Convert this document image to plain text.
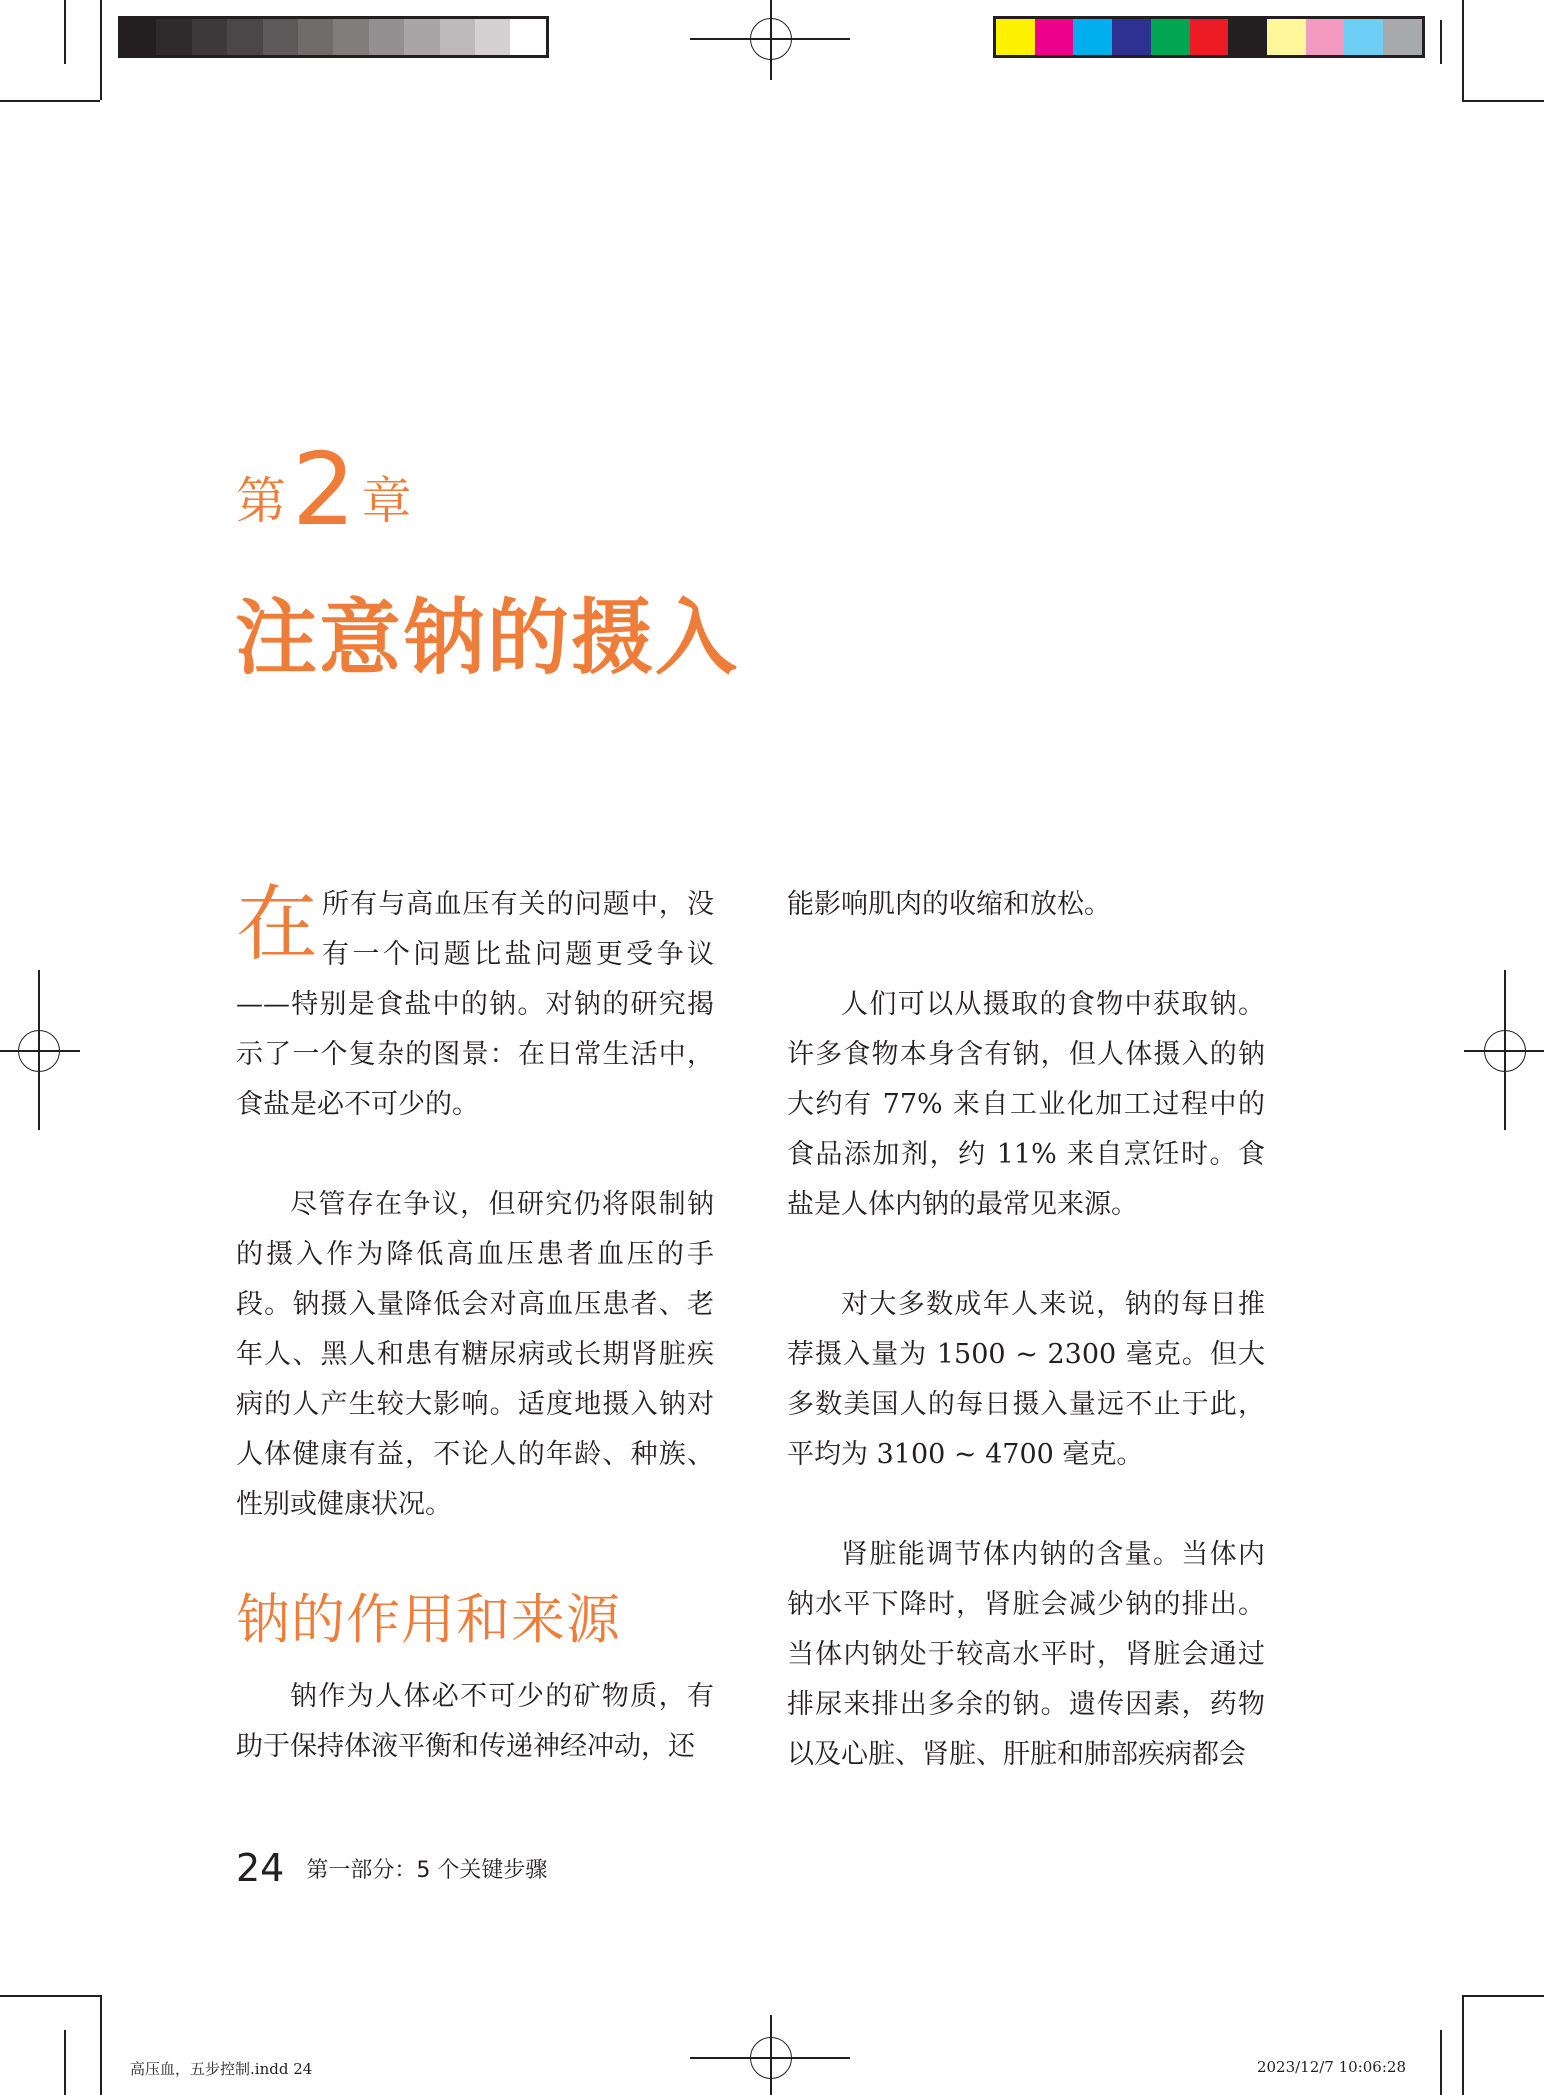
第2 章
注意钠的摄入

在所有与高血压有关的问题中，没有一个问题比盐问题更受争议——特别是食盐中的钠。对钠的研究揭示了一个复杂的图景：在日常生活中，食盐是必不可少的。

尽管存在争议，但研究仍将限制钠的摄入作为降低高血压患者血压的手段。钠摄入量降低会对高血压患者、老年人、黑人和患有糖尿病或长期肾脏疾病的人产生较大影响。适度地摄入钠对人体健康有益，不论人的年龄、种族、性别或健康状况。

钠的作用和来源

钠作为人体必不可少的矿物质，有助于保持体液平衡和传递神经冲动，还

能影响肌肉的收缩和放松。

人们可以从摄取的食物中获取钠。许多食物本身含有钠，但人体摄入的钠大约有 77% 来自工业化加工过程中的食品添加剂，约 11% 来自烹饪时。食盐是人体内钠的最常见来源。

对大多数成年人来说，钠的每日推荐摄入量为 1500 ~ 2300 毫克。但大多数美国人的每日摄入量远不止于此，平均为 3100 ~ 4700 毫克。

肾脏能调节体内钠的含量。当体内钠水平下降时，肾脏会减少钠的排出。当体内钠处于较高水平时，肾脏会通过排尿来排出多余的钠。遗传因素，药物以及心脏、肾脏、肝脏和肺部疾病都会

24 第一部分：5 个关键步骤
高压血，五步控制.indd 24	2023/12/7 10:06:28
